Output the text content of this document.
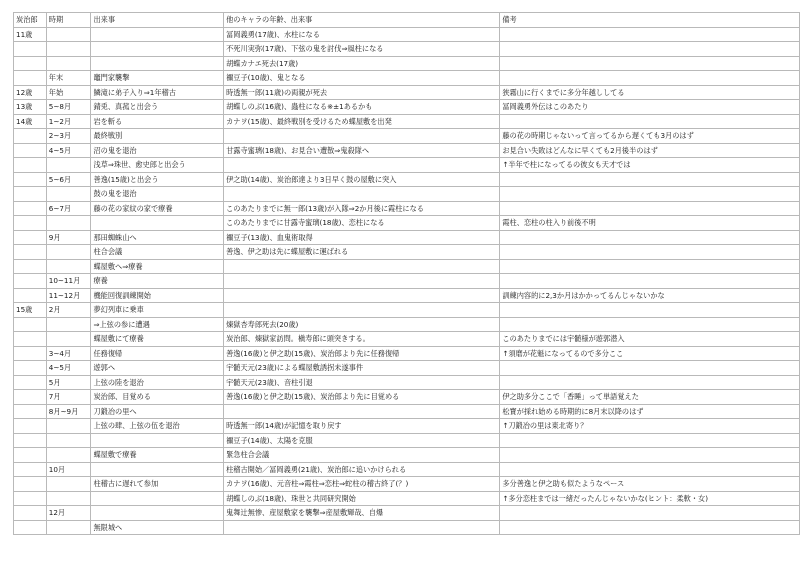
炭治郎	時期	出来事	他のキャラの年齢、出来事	備考
11歳			冨岡義勇(17歳)、水柱になる	
			不死川実弥(17歳)、下弦の鬼を討伐⇒風柱になる	
			胡蝶カナエ死去(17歳)	
	年末	竈門家襲撃	禰豆子(10歳)、鬼となる	
12歳	年始	鱗滝に弟子入り⇒1年稽古	時透無一郎(11歳)の両親が死去	狭霧山に行くまでに多分年越ししてる
13歳	5~8月	錆兎、真菰と出会う	胡蝶しのぶ(16歳)、蟲柱になる※±1あるかも	冨岡義勇外伝はこのあたり
14歳	1~2月	岩を斬る	カナヲ(15歳)、最終戦別を受けるため蝶屋敷を出発	
	2~3月	最終戦別		藤の花の時期じゃないって言ってるから遅くても3月のはず
	4~5月	沼の鬼を退治	甘露寺蜜璃(18歳)、お見合い遭散⇒鬼殺隊へ	お見合い失敗はどんなに早くても2月後半のはず
		浅草⇒珠世、愈史郎と出会う		↑半年で柱になってるの彼女も天才では
	5~6月	善逸(15歳)と出会う	伊之助(14歳)、炭治郎達より3日早く鼓の屋敷に突入	
		鼓の鬼を退治		
	6~7月	藤の花の家紋の家で療養	このあたりまでに無一郎(13歳)が入隊⇒2か月後に霞柱になる	
			このあたりまでに甘露寺蜜璃(18歳)、恋柱になる	霞柱、恋柱の柱入り前後不明
	9月	那田蜘蛛山へ	禰豆子(13歳)、血鬼術取得	
		柱合会議	善逸、伊之助は先に蝶屋敷に運ばれる	
		蝶屋敷へ⇒療養		
	10~11月	療養		
	11~12月	機能回復訓練開始		訓練内容的に2,3か月はかかってるんじゃないかな
15歳	2月	夢幻列車に乗車		
		⇒上弦の参に遭遇	煉獄杏寿郎死去(20歳)	
		蝶屋敷にて療養	炭治郎、煉獄家訪問。槇寿郎に頭突きする。	このあたりまでには宇髄様が遊郭潜入
	3~4月	任務復帰	善逸(16歳)と伊之助(15歳)、炭治郎より先に任務復帰	↑須磨が花魁になってるので多分ここ
	4~5月	遊郭へ	宇髄天元(23歳)による蝶屋敷誘拐未遂事件	
	5月	上弦の陸を退治	宇髄天元(23歳)、音柱引退	
	7月	炭治郎、目覚める	善逸(16歳)と伊之助(15歳)、炭治郎より先に目覚める	伊之助多分ここで「香睡」って単語覚えた
	8月~9月	刀鍛冶の里へ		松寳が採れ始める時期的に8月末以降のはず
		上弦の肆、上弦の伍を退治	時透無一郎(14歳)が記憶を取り戻す	↑刀鍛冶の里は東北寄り？
			禰豆子(14歳)、太陽を克服	
		蝶屋敷で療養	緊急柱合会議	
	10月		柱稽古開始／冨岡義勇(21歳)、炭治郎に追いかけられる	
		柱稽古に遅れて参加	カナヲ(16歳)、元音柱⇒霞柱⇒恋柱⇒蛇柱の稽古終了(？)	多分善逸と伊之助も似たようなペース
			胡蝶しのぶ(18歳)、珠世と共同研究開始	↑多分恋柱までは一緒だったんじゃないかな(ヒント：柔軟・女)
	12月		鬼舞辻無惨、産屋敷家を襲撃⇒産屋敷輝哉、自爆	
		無限城へ		
